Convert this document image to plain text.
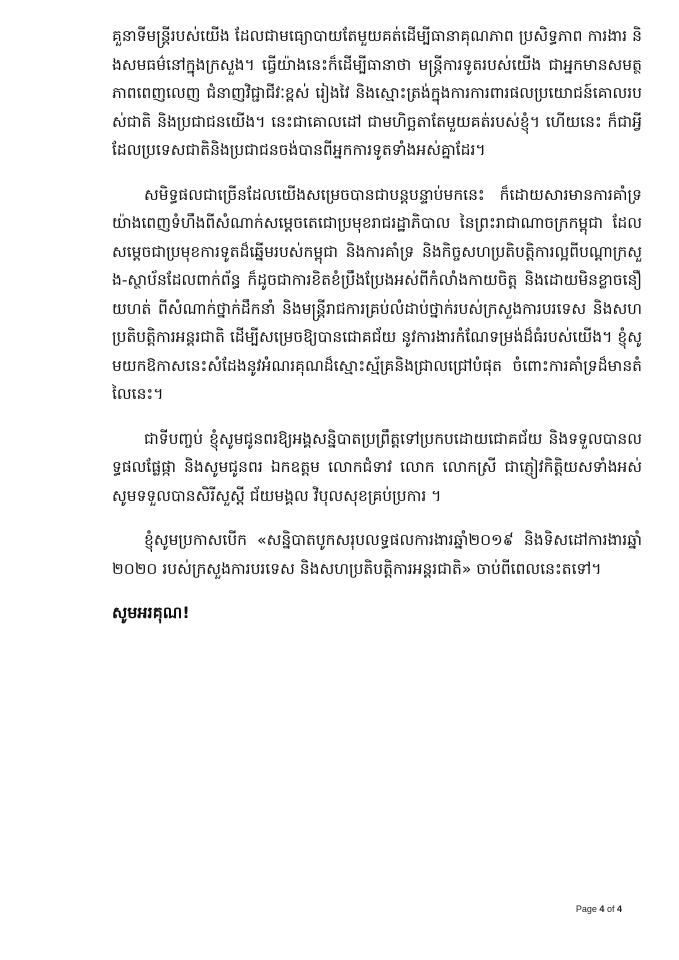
គួនាទីមន្ត្រីរបស់យើង ដែលជាមធ្យោបាយតែមួយគត់ដើម្បីធានាគុណភាព ប្រសិទ្ធភាព ការងារ និងសមធម៌នៅក្នុងក្រសួង។ ធ្វើយ៉ាងនេះក៏ដើម្បីធានាថា មន្ត្រីការទូតរបស់យើង ជាអ្នកមានសមត្ថភាពពេញលេញ ជំនាញវិជ្ជាជីវៈខ្ពស់ រៀងវៃ និងស្មោះត្រង់ក្នុងការការពារផលប្រយោជន៍គោលរបស់ជាតិ និងប្រជាជនយើង។ នេះជាគោលដៅ ជាមហិច្ឆតាតែមួយគត់របស់ខ្ញុំ។ ហើយនេះ ក៏ជាអ្វីដែលប្រទេសជាតិនិងប្រជាជនចង់បានពីអ្នកការទូតទាំងអស់គ្នាដែរ។

សមិទ្ធផលជាច្រើនដែលយើងសម្រេចបានជាបន្តបន្ទាប់មកនេះ ក៏ដោយសារមានការគាំទ្រយ៉ាងពេញទំហឹងពីសំណាក់សម្តេចតេជោប្រមុខរាជរដ្ឋាភិបាល នៃព្រះរាជាណាចក្រកម្ពុជា ដែលសម្តេចជាប្រមុខការទូតដ៏ឆ្នើមរបស់កម្ពុជា និងការគាំទ្រ និងកិច្ចសហប្រតិបត្តិការល្អពីបណ្តាក្រសួង-ស្ថាប័នដែលពាក់ព័ន្ធ ក៏ដូចជាការខិតខំប្រឹងប្រែងអស់ពីកំលាំងកាយចិត្ត និងដោយមិនខ្លាចនឿយហត់ ពីសំណាក់ថ្នាក់ដឹកនាំ និងមន្ត្រីរាជការគ្រប់លំដាប់ថ្នាក់របស់ក្រសួងការបរទេស និងសហប្រតិបត្តិការអន្តរជាតិ ដើម្បីសម្រេចឱ្យបានជោគជ័យ នូវការងារកំណែទម្រង់ដ៏ធំរបស់យើង។ ខ្ញុំសូមយកឱកាសនេះសំដែងនូវអំណរគុណដ៏ស្មោះស្ម័គ្រនិងជ្រាលជ្រៅបំផុត ចំពោះការគាំទ្រដ៏មានតំលៃនេះ។

ជាទីបញ្ចប់ ខ្ញុំសូមជូនពរឱ្យអង្គសន្និបាតប្រព្រឹត្តទៅប្រកបដោយជោគជ័យ និងទទួលបានលទ្ធផលផ្លែផ្កា និងសូមជូនពរ ឯកឧត្តម លោកជំទាវ លោក លោកស្រី ជាភ្ញៀវកិត្តិយសទាំងអស់ សូមទទួលបានសិរីសួស្តី ជ័យមង្គល វិបុលសុខគ្រប់ប្រការ ។

ខ្ញុំសូមប្រកាសបើក «សន្និបាតបូកសរុបលទ្ធផលការងារឆ្នាំ២០១៩ និងទិសដៅការងារឆ្នាំ២០២០ របស់ក្រសួងការបរទេស និងសហប្រតិបត្តិការអន្តរជាតិ» ចាប់ពីពេលនេះតទៅ។

សូមអរគុណ!

Page 4 of 4
